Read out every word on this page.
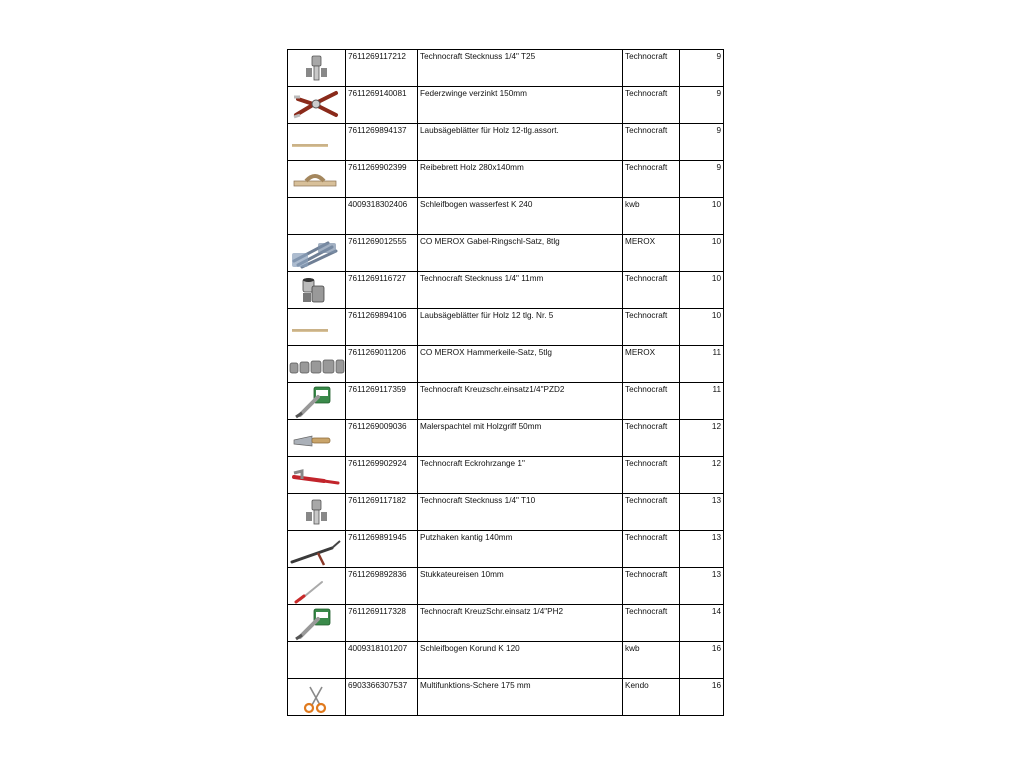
7611269117212	Technocraft Stecknuss 1/4" T25	Technocraft	9

7611269140081	Federzwinge verzinkt 150mm	Technocraft	9

7611269894137	Laubsägeblätter für Holz 12-tlg.assort.	Technocraft	9

7611269902399	Reibebrett Holz 280x140mm	Technocraft	9

	4009318302406	Schleifbogen wasserfest K 240	kwb	10

7611269012555	CO MEROX Gabel-Ringschl-Satz, 8tlg	MEROX	10

7611269116727	Technocraft Stecknuss 1/4" 11mm	Technocraft	10

7611269894106	Laubsägeblätter für Holz 12 tlg. Nr. 5	Technocraft	10

7611269011206	CO MEROX Hammerkeile-Satz, 5tlg	MEROX	11

7611269117359	Technocraft Kreuzschr.einsatz1/4"PZD2	Technocraft	11

7611269009036	Malerspachtel mit Holzgriff 50mm	Technocraft	12

7611269902924	Technocraft Eckrohrzange 1"	Technocraft	12

7611269117182	Technocraft Stecknuss 1/4" T10	Technocraft	13

7611269891945	Putzhaken kantig 140mm	Technocraft	13

7611269892836	Stukkateureisen 10mm	Technocraft	13

7611269117328	Technocraft KreuzSchr.einsatz 1/4"PH2	Technocraft	14

	4009318101207	Schleifbogen Korund K 120	kwb	16

6903366307537	Multifunktions-Schere 175 mm	Kendo	16
